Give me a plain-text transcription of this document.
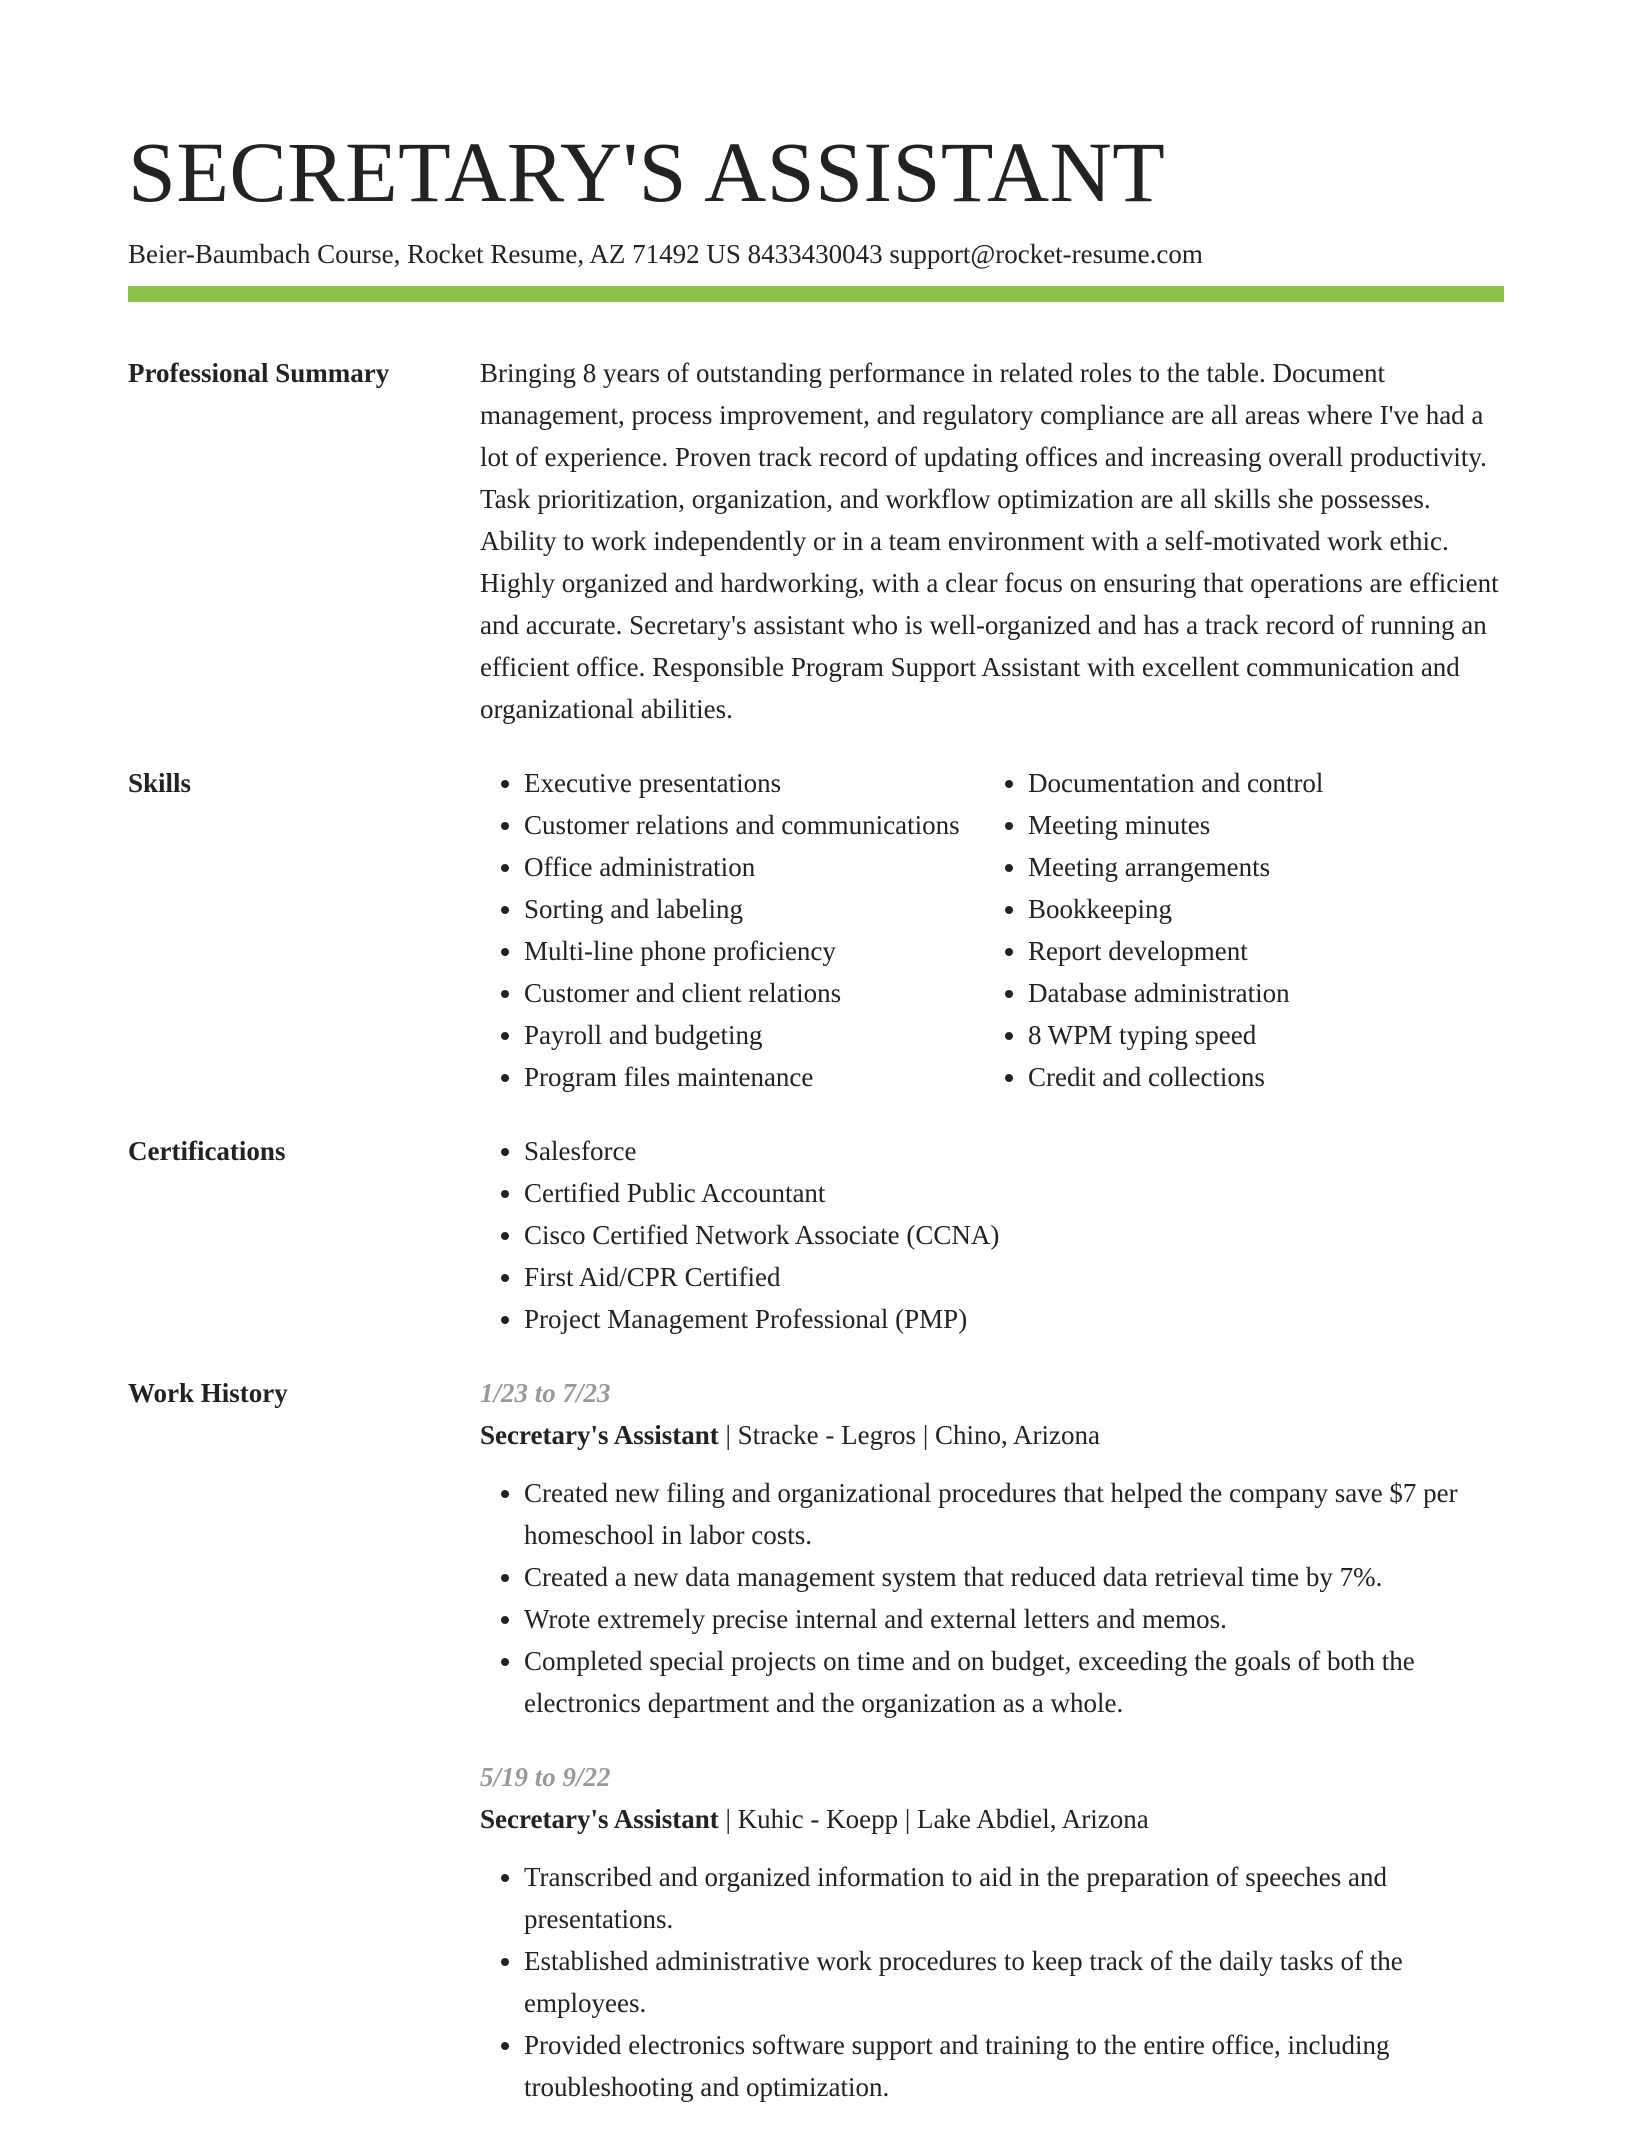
SECRETARY'S ASSISTANT
Beier-Baumbach Course, Rocket Resume, AZ 71492 US 8433430043 support@rocket-resume.com
Professional Summary	Bringing 8 years of outstanding performance in related roles to the table. Document management, process improvement, and regulatory compliance are all areas where I've had a lot of experience. Proven track record of updating offices and increasing overall productivity. Task prioritization, organization, and workflow optimization are all skills she possesses. Ability to work independently or in a team environment with a self-motivated work ethic. Highly organized and hardworking, with a clear focus on ensuring that operations are efficient and accurate. Secretary's assistant who is well-organized and has a track record of running an efficient office. Responsible Program Support Assistant with excellent communication and organizational abilities.
Skills	• Executive presentations
• Customer relations and communications
• Office administration
• Sorting and labeling
• Multi-line phone proficiency
• Customer and client relations
• Payroll and budgeting
• Program files maintenance
• Documentation and control
• Meeting minutes
• Meeting arrangements
• Bookkeeping
• Report development
• Database administration
• 8 WPM typing speed
• Credit and collections
Certifications	• Salesforce
• Certified Public Accountant
• Cisco Certified Network Associate (CCNA)
• First Aid/CPR Certified
• Project Management Professional (PMP)
Work History	1/23 to 7/23
Secretary's Assistant | Stracke - Legros | Chino, Arizona
• Created new filing and organizational procedures that helped the company save $7 per homeschool in labor costs.
• Created a new data management system that reduced data retrieval time by 7%.
• Wrote extremely precise internal and external letters and memos.
• Completed special projects on time and on budget, exceeding the goals of both the electronics department and the organization as a whole.
5/19 to 9/22
Secretary's Assistant | Kuhic - Koepp | Lake Abdiel, Arizona
• Transcribed and organized information to aid in the preparation of speeches and presentations.
• Established administrative work procedures to keep track of the daily tasks of the employees.
• Provided electronics software support and training to the entire office, including troubleshooting and optimization.
